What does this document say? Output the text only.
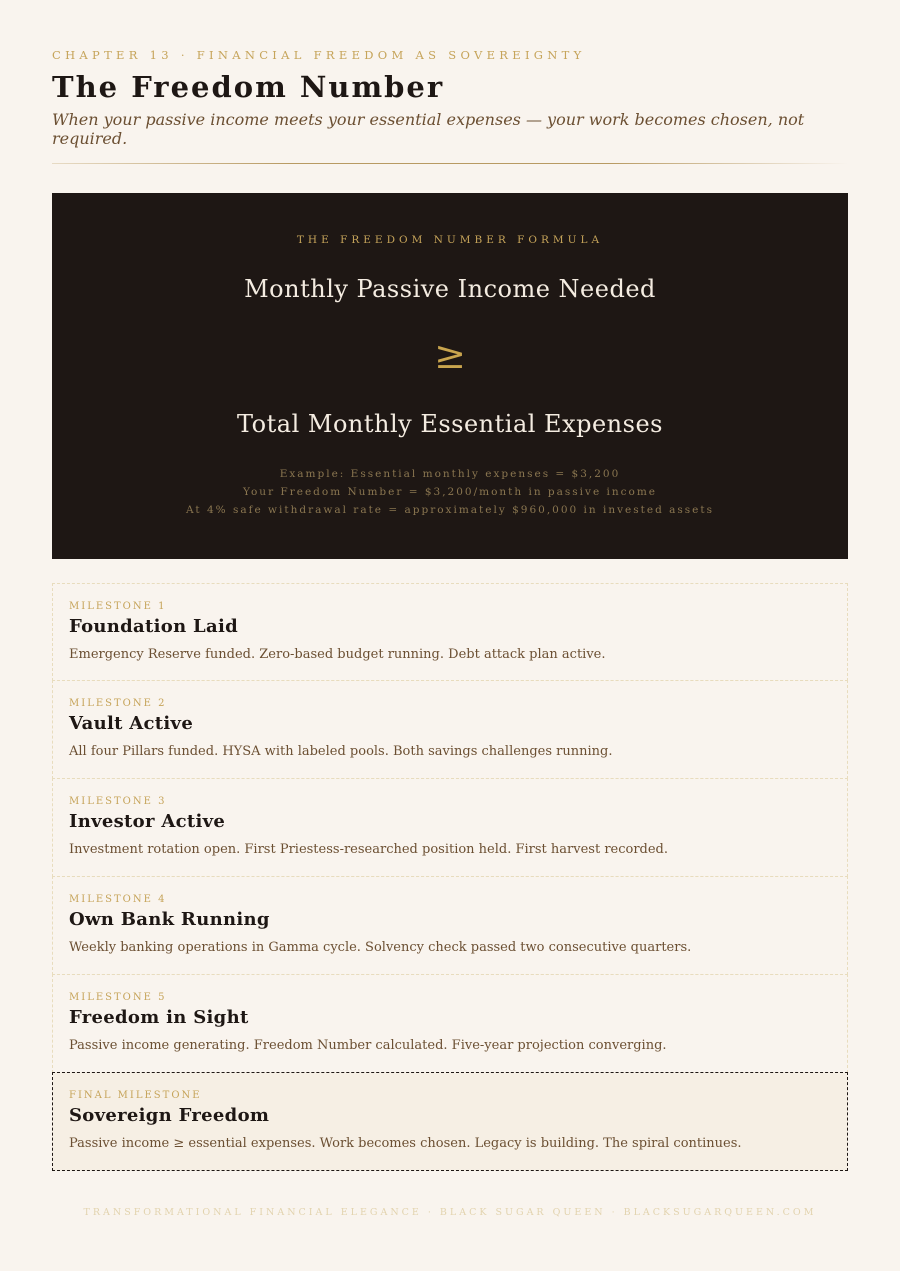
CHAPTER 13 · FINANCIAL FREEDOM AS SOVEREIGNTY
The Freedom Number
When your passive income meets your essential expenses — your work becomes chosen, not required.
THE FREEDOM NUMBER FORMULA
Monthly Passive Income Needed
≥
Total Monthly Essential Expenses
Example: Essential monthly expenses = $3,200
Your Freedom Number = $3,200/month in passive income
At 4% safe withdrawal rate = approximately $960,000 in invested assets
MILESTONE 1
Foundation Laid
Emergency Reserve funded. Zero-based budget running. Debt attack plan active.
MILESTONE 2
Vault Active
All four Pillars funded. HYSA with labeled pools. Both savings challenges running.
MILESTONE 3
Investor Active
Investment rotation open. First Priestess-researched position held. First harvest recorded.
MILESTONE 4
Own Bank Running
Weekly banking operations in Gamma cycle. Solvency check passed two consecutive quarters.
MILESTONE 5
Freedom in Sight
Passive income generating. Freedom Number calculated. Five-year projection converging.
FINAL MILESTONE
Sovereign Freedom
Passive income ≥ essential expenses. Work becomes chosen. Legacy is building. The spiral continues.
TRANSFORMATIONAL FINANCIAL ELEGANCE · BLACK SUGAR QUEEN · BLACKSUGARQUEEN.COM
